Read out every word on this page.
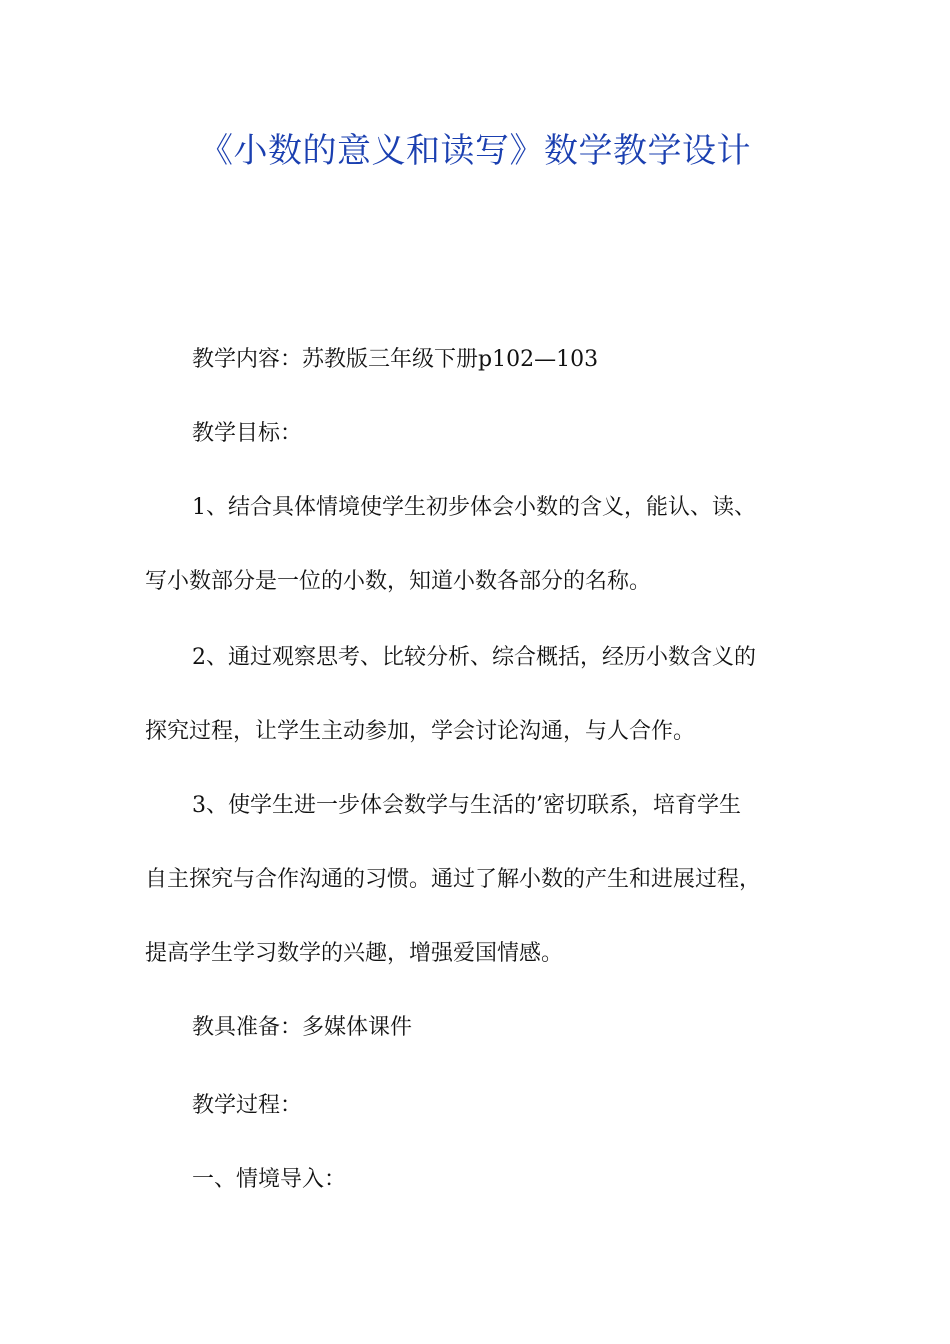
《小数的意义和读写》数学教学设计
教学内容：苏教版三年级下册p102—103
教学目标：
1、结合具体情境使学生初步体会小数的含义，能认、读、
写小数部分是一位的小数，知道小数各部分的名称。
2、通过观察思考、比较分析、综合概括，经历小数含义的
探究过程，让学生主动参加，学会讨论沟通，与人合作。
3、使学生进一步体会数学与生活的’密切联系，培育学生
自主探究与合作沟通的习惯。通过了解小数的产生和进展过程，
提高学生学习数学的兴趣，增强爱国情感。
教具准备：多媒体课件
教学过程：
一、情境导入：
